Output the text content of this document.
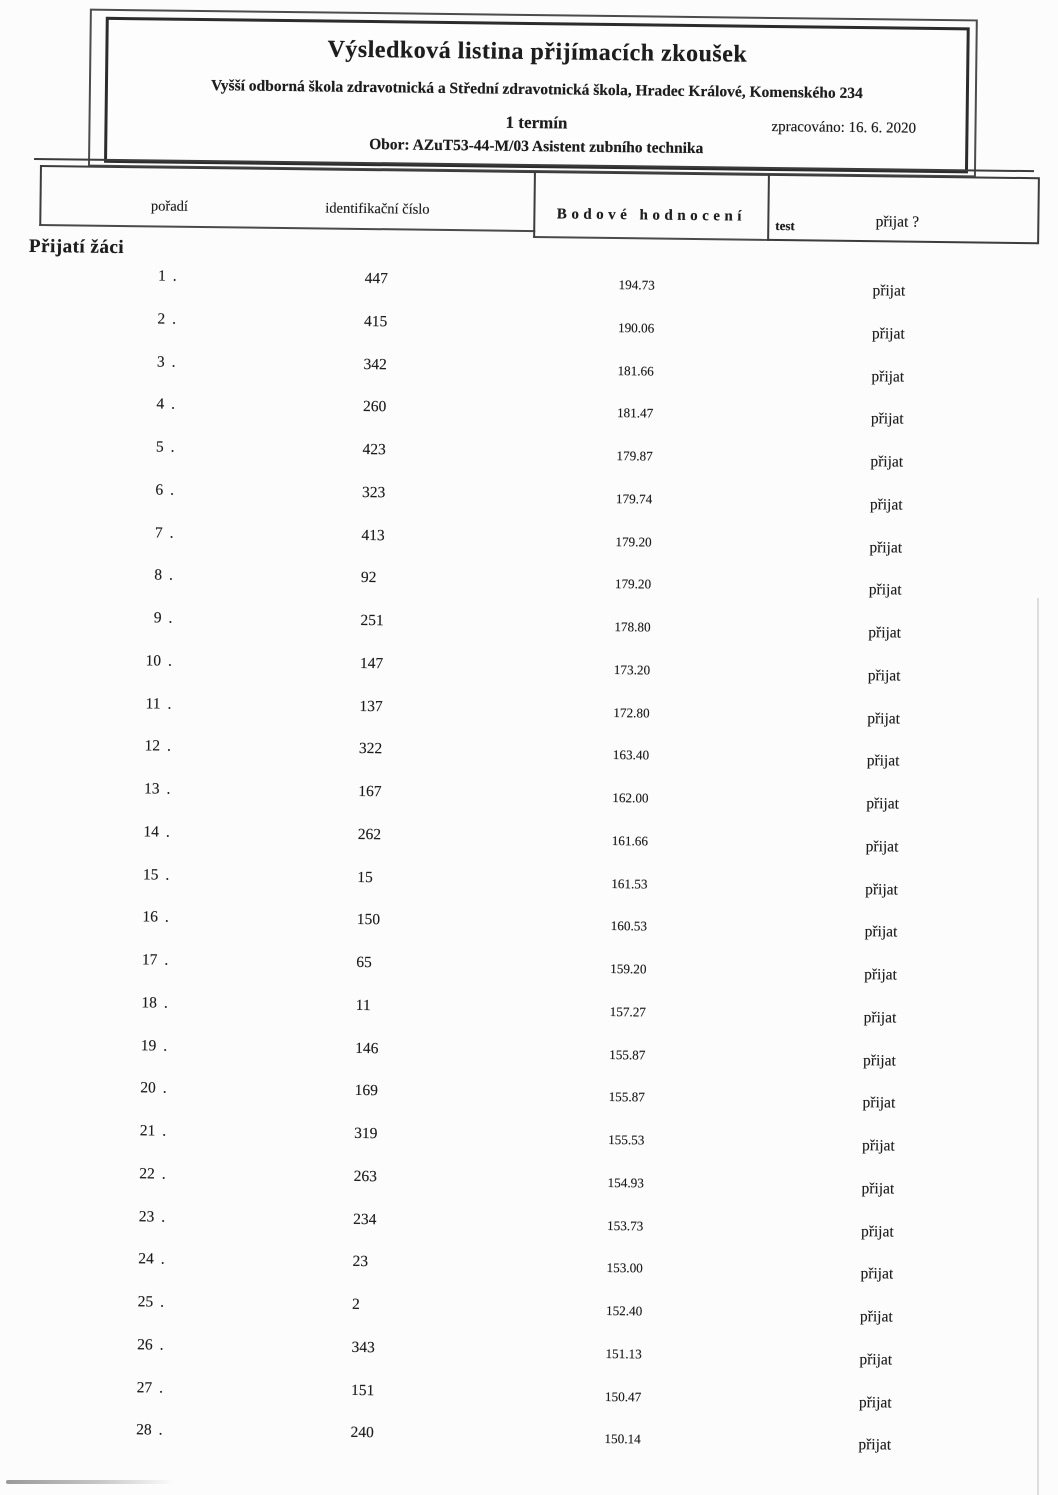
Výsledková listina přijímacích zkoušek
Vyšší odborná škola zdravotnická a Střední zdravotnická škola, Hradec Králové, Komenského 234
1 termín	zpracováno: 16. 6. 2020
Obor: AZuT53-44-M/03 Asistent zubního technika
pořadí	identifikační číslo	Bodové hodnocení
test	přijat ?
Přijatí žáci
1 .	447	194.73	přijat
2 .	415	190.06	přijat
3 .	342	181.66	přijat
4 .	260	181.47	přijat
5 .	423	179.87	přijat
6 .	323	179.74	přijat
7 .	413	179.20	přijat
8 .	92	179.20	přijat
9 .	251	178.80	přijat
10 .	147	173.20	přijat
11 .	137	172.80	přijat
12 .	322	163.40	přijat
13 .	167	162.00	přijat
14 .	262	161.66	přijat
15 .	15	161.53	přijat
16 .	150	160.53	přijat
17 .	65	159.20	přijat
18 .	11	157.27	přijat
19 .	146	155.87	přijat
20 .	169	155.87	přijat
21 .	319	155.53	přijat
22 .	263	154.93	přijat
23 .	234	153.73	přijat
24 .	23	153.00	přijat
25 .	2	152.40	přijat
26 .	343	151.13	přijat
27 .	151	150.47	přijat
28 .	240	150.14	přijat
